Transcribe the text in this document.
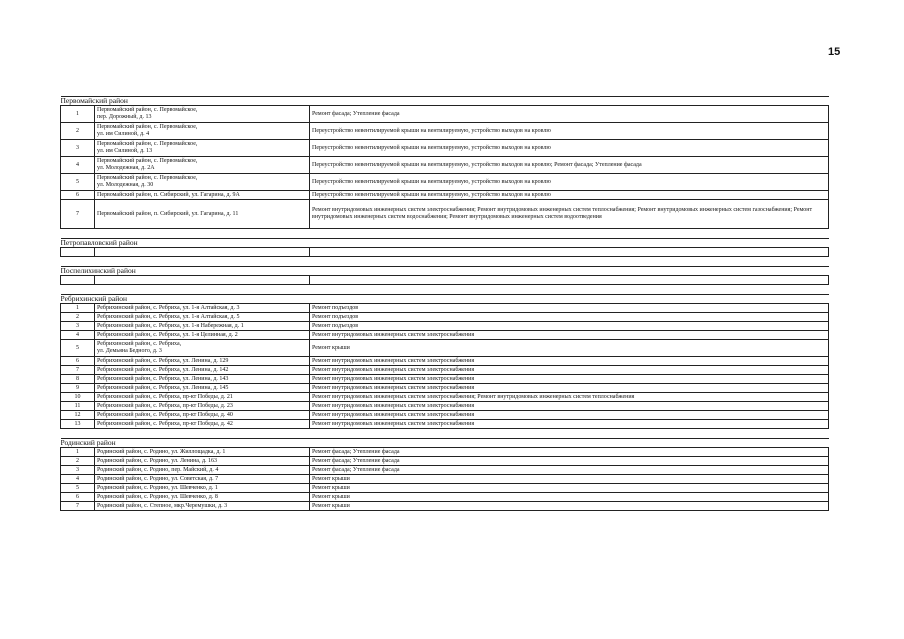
15
Первомайский район		
1	Первомайский район, с. Первомайское,
пер. Дорожный, д. 13	Ремонт фасада; Утепление фасада
2	Первомайский район, с. Первомайское,
ул. им Силиной, д. 4	Переустройство невентилируемой крыши на вентилируемую, устройство выходов на кровлю
3	Первомайский район, с. Первомайское,
ул. им Силиной, д. 13	Переустройство невентилируемой крыши на вентилируемую, устройство выходов на кровлю
4	Первомайский район, с. Первомайское,
ул. Молодежная, д. 2А	Переустройство невентилируемой крыши на вентилируемую, устройство выходов на кровлю; Ремонт фасада; Утепление фасада
5	Первомайский район, с. Первомайское,
ул. Молодежная, д. 30	Переустройство невентилируемой крыши на вентилируемую, устройство выходов на кровлю
6	Первомайский район, п. Сибирский, ул. Гагарина, д. 9А	Переустройство невентилируемой крыши на вентилируемую, устройство выходов на кровлю
7	Первомайский район, п. Сибирский, ул. Гагарина, д. 11	Ремонт внутридомовых инженерных систем электроснабжения; Ремонт внутридомовых инженерных систем теплоснабжения; Ремонт внутридомовых инженерных систем газоснабжения; Ремонт внутридомовых инженерных систем водоснабжения; Ремонт внутридомовых инженерных систем водоотведения

Петропавловский район		

Поспелихинский район		

Ребрихинский район		
1	Ребрихинский район, с. Ребриха, ул. 1-я Алтайская, д. 3	Ремонт подъездов
2	Ребрихинский район, с. Ребриха, ул. 1-я Алтайская, д. 5	Ремонт подъездов
3	Ребрихинский район, с. Ребриха, ул. 1-я Набережная, д. 1	Ремонт подъездов
4	Ребрихинский район, с. Ребриха, ул. 1-я Целинная, д. 2	Ремонт внутридомовых инженерных систем электроснабжения
5	Ребрихинский район, с. Ребриха,
ул. Демьяна Бедного, д. 3	Ремонт крыши
6	Ребрихинский район, с. Ребриха, ул. Ленина, д. 129	Ремонт внутридомовых инженерных систем электроснабжения
7	Ребрихинский район, с. Ребриха, ул. Ленина, д. 142	Ремонт внутридомовых инженерных систем электроснабжения
8	Ребрихинский район, с. Ребриха, ул. Ленина, д. 143	Ремонт внутридомовых инженерных систем электроснабжения
9	Ребрихинский район, с. Ребриха, ул. Ленина, д. 145	Ремонт внутридомовых инженерных систем электроснабжения
10	Ребрихинский район, с. Ребриха, пр-кт Победы, д. 21	Ремонт внутридомовых инженерных систем электроснабжения; Ремонт внутридомовых инженерных систем теплоснабжения
11	Ребрихинский район, с. Ребриха, пр-кт Победы, д. 23	Ремонт внутридомовых инженерных систем электроснабжения
12	Ребрихинский район, с. Ребриха, пр-кт Победы, д. 40	Ремонт внутридомовых инженерных систем электроснабжения
13	Ребрихинский район, с. Ребриха, пр-кт Победы, д. 42	Ремонт внутридомовых инженерных систем электроснабжения

Родинский район		
1	Родинский район, с. Родино, ул. Жиллощадка, д. 1	Ремонт фасада; Утепление фасада
2	Родинский район, с. Родино, ул. Ленина, д. 163	Ремонт фасада; Утепление фасада
3	Родинский район, с. Родино, пер. Майский, д. 4	Ремонт фасада; Утепление фасада
4	Родинский район, с. Родино, ул. Советская, д. 7	Ремонт крыши
5	Родинский район, с. Родино, ул. Шевченко, д. 1	Ремонт крыши
6	Родинский район, с. Родино, ул. Шевченко, д. 8	Ремонт крыши
7	Родинский район, с. Степное, мкр.Черемушки, д. 3	Ремонт крыши
